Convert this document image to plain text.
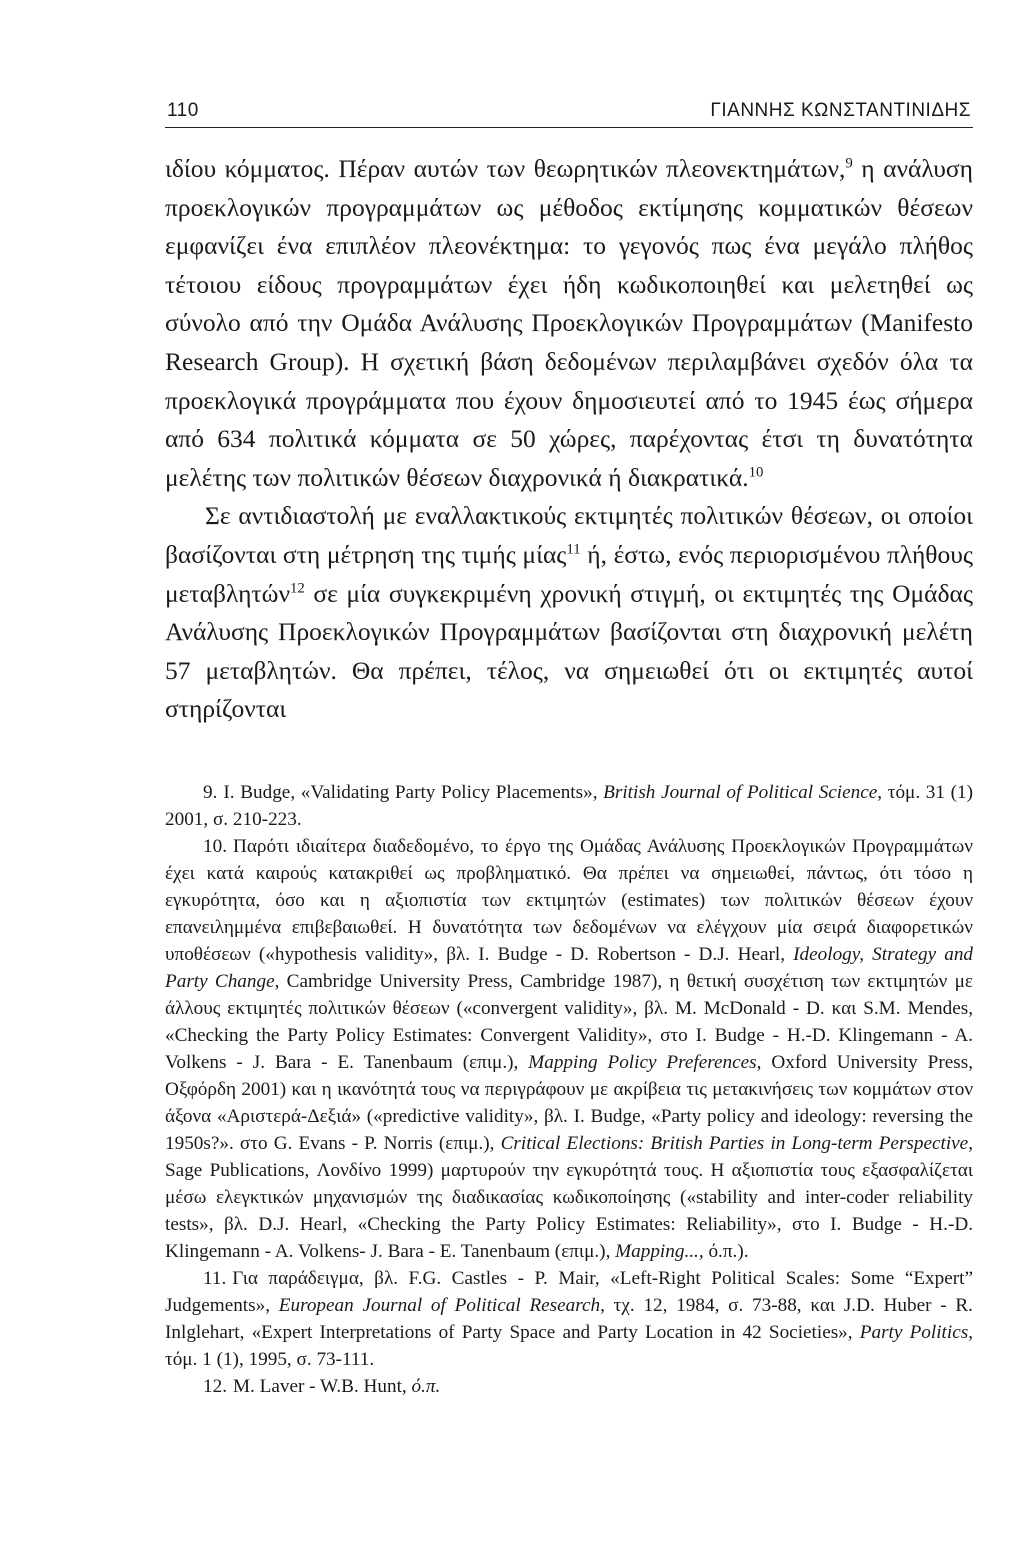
110	ΓΙΑΝΝΗΣ ΚΩΝΣΤΑΝΤΙΝΙΔΗΣ

ιδίου κόμματος. Πέραν αυτών των θεωρητικών πλεονεκτημάτων,$^9$ η ανάλυση προεκλογικών προγραμμάτων ως μέθοδος εκτίμησης κομματικών θέσεων εμφανίζει ένα επιπλέον πλεονέκτημα: το γεγονός πως ένα μεγάλο πλήθος τέτοιου είδους προγραμμάτων έχει ήδη κωδικοποιηθεί και μελετηθεί ως σύνολο από την Ομάδα Ανάλυσης Προεκλογικών Προγραμμάτων (Manifesto Research Group). Η σχετική βάση δεδομένων περιλαμβάνει σχεδόν όλα τα προεκλογικά προγράμματα που έχουν δημοσιευτεί από το 1945 έως σήμερα από 634 πολιτικά κόμματα σε 50 χώρες, παρέχοντας έτσι τη δυνατότητα μελέτης των πολιτικών θέσεων διαχρονικά ή διακρατικά.$^{10}$

Σε αντιδιαστολή με εναλλακτικούς εκτιμητές πολιτικών θέσεων, οι οποίοι βασίζονται στη μέτρηση της τιμής μίας$^{11}$ ή, έστω, ενός περιορισμένου πλήθους μεταβλητών$^{12}$ σε μία συγκεκριμένη χρονική στιγμή, οι εκτιμητές της Ομάδας Ανάλυσης Προεκλογικών Προγραμμάτων βασίζονται στη διαχρονική μελέτη 57 μεταβλητών. Θα πρέπει, τέλος, να σημειωθεί ότι οι εκτιμητές αυτοί στηρίζονται

9. I. Budge, «Validating Party Policy Placements», British Journal of Political Science, τόμ. 31 (1) 2001, σ. 210-223.

10. Παρότι ιδιαίτερα διαδεδομένο, το έργο της Ομάδας Ανάλυσης Προεκλογικών Προγραμμάτων έχει κατά καιρούς κατακριθεί ως προβληματικό. Θα πρέπει να σημειωθεί, πάντως, ότι τόσο η εγκυρότητα, όσο και η αξιοπιστία των εκτιμητών (estimates) των πολιτικών θέσεων έχουν επανειλημμένα επιβεβαιωθεί. Η δυνατότητα των δεδομένων να ελέγχουν μία σειρά διαφορετικών υποθέσεων («hypothesis validity», βλ. I. Budge - D. Robertson - D.J. Hearl, Ideology, Strategy and Party Change, Cambridge University Press, Cambridge 1987), η θετική συσχέτιση των εκτιμητών με άλλους εκτιμητές πολιτικών θέσεων («convergent validity», βλ. M. McDonald - D. και S.M. Mendes, «Checking the Party Policy Estimates: Convergent Validity», στο I. Budge - H.-D. Klingemann - A. Volkens - J. Bara - E. Tanenbaum (επιμ.), Mapping Policy Preferences, Oxford University Press, Οξφόρδη 2001) και η ικανότητά τους να περιγράφουν με ακρίβεια τις μετακινήσεις των κομμάτων στον άξονα «Αριστερά-Δεξιά» («predictive validity», βλ. I. Budge, «Party policy and ideology: reversing the 1950s?». στο G. Evans - P. Norris (επιμ.), Critical Elections: British Parties in Long-term Perspective, Sage Publications, Λονδίνο 1999) μαρτυρούν την εγκυρότητά τους. Η αξιοπιστία τους εξασφαλίζεται μέσω ελεγκτικών μηχανισμών της διαδικασίας κωδικοποίησης («stability and inter-coder reliability tests», βλ. D.J. Hearl, «Checking the Party Policy Estimates: Reliability», στο I. Budge - H.-D. Klingemann - A. Volkens- J. Bara - E. Tanenbaum (επιμ.), Mapping..., ό.π.).

11. Για παράδειγμα, βλ. F.G. Castles - P. Mair, «Left-Right Political Scales: Some “Expert” Judgements», European Journal of Political Research, τχ. 12, 1984, σ. 73-88, και J.D. Huber - R. Inlglehart, «Expert Interpretations of Party Space and Party Location in 42 Societies», Party Politics, τόμ. 1 (1), 1995, σ. 73-111.

12. M. Laver - W.B. Hunt, ό.π.
